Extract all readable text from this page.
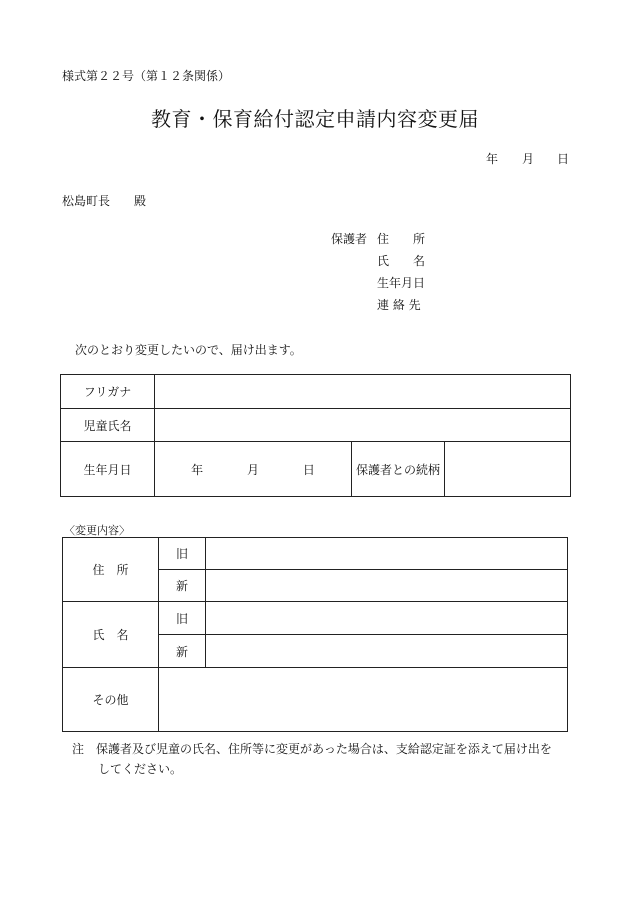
様式第２２号（第１２条関係）
教育・保育給付認定申請内容変更届
年 月 日
松島町長 殿
保護者 住　　所
氏　　名
生年月日
連 絡 先
次のとおり変更したいので、届け出ます。
フリガナ			
児童氏名			
生年月日	年 月 日	保護者との続柄	
〈変更内容〉
住　所	旧	
	新	
氏　名	旧	
	新	
その他		
注　保護者及び児童の氏名、住所等に変更があった場合は、支給認定証を添えて届け出を
してください。
